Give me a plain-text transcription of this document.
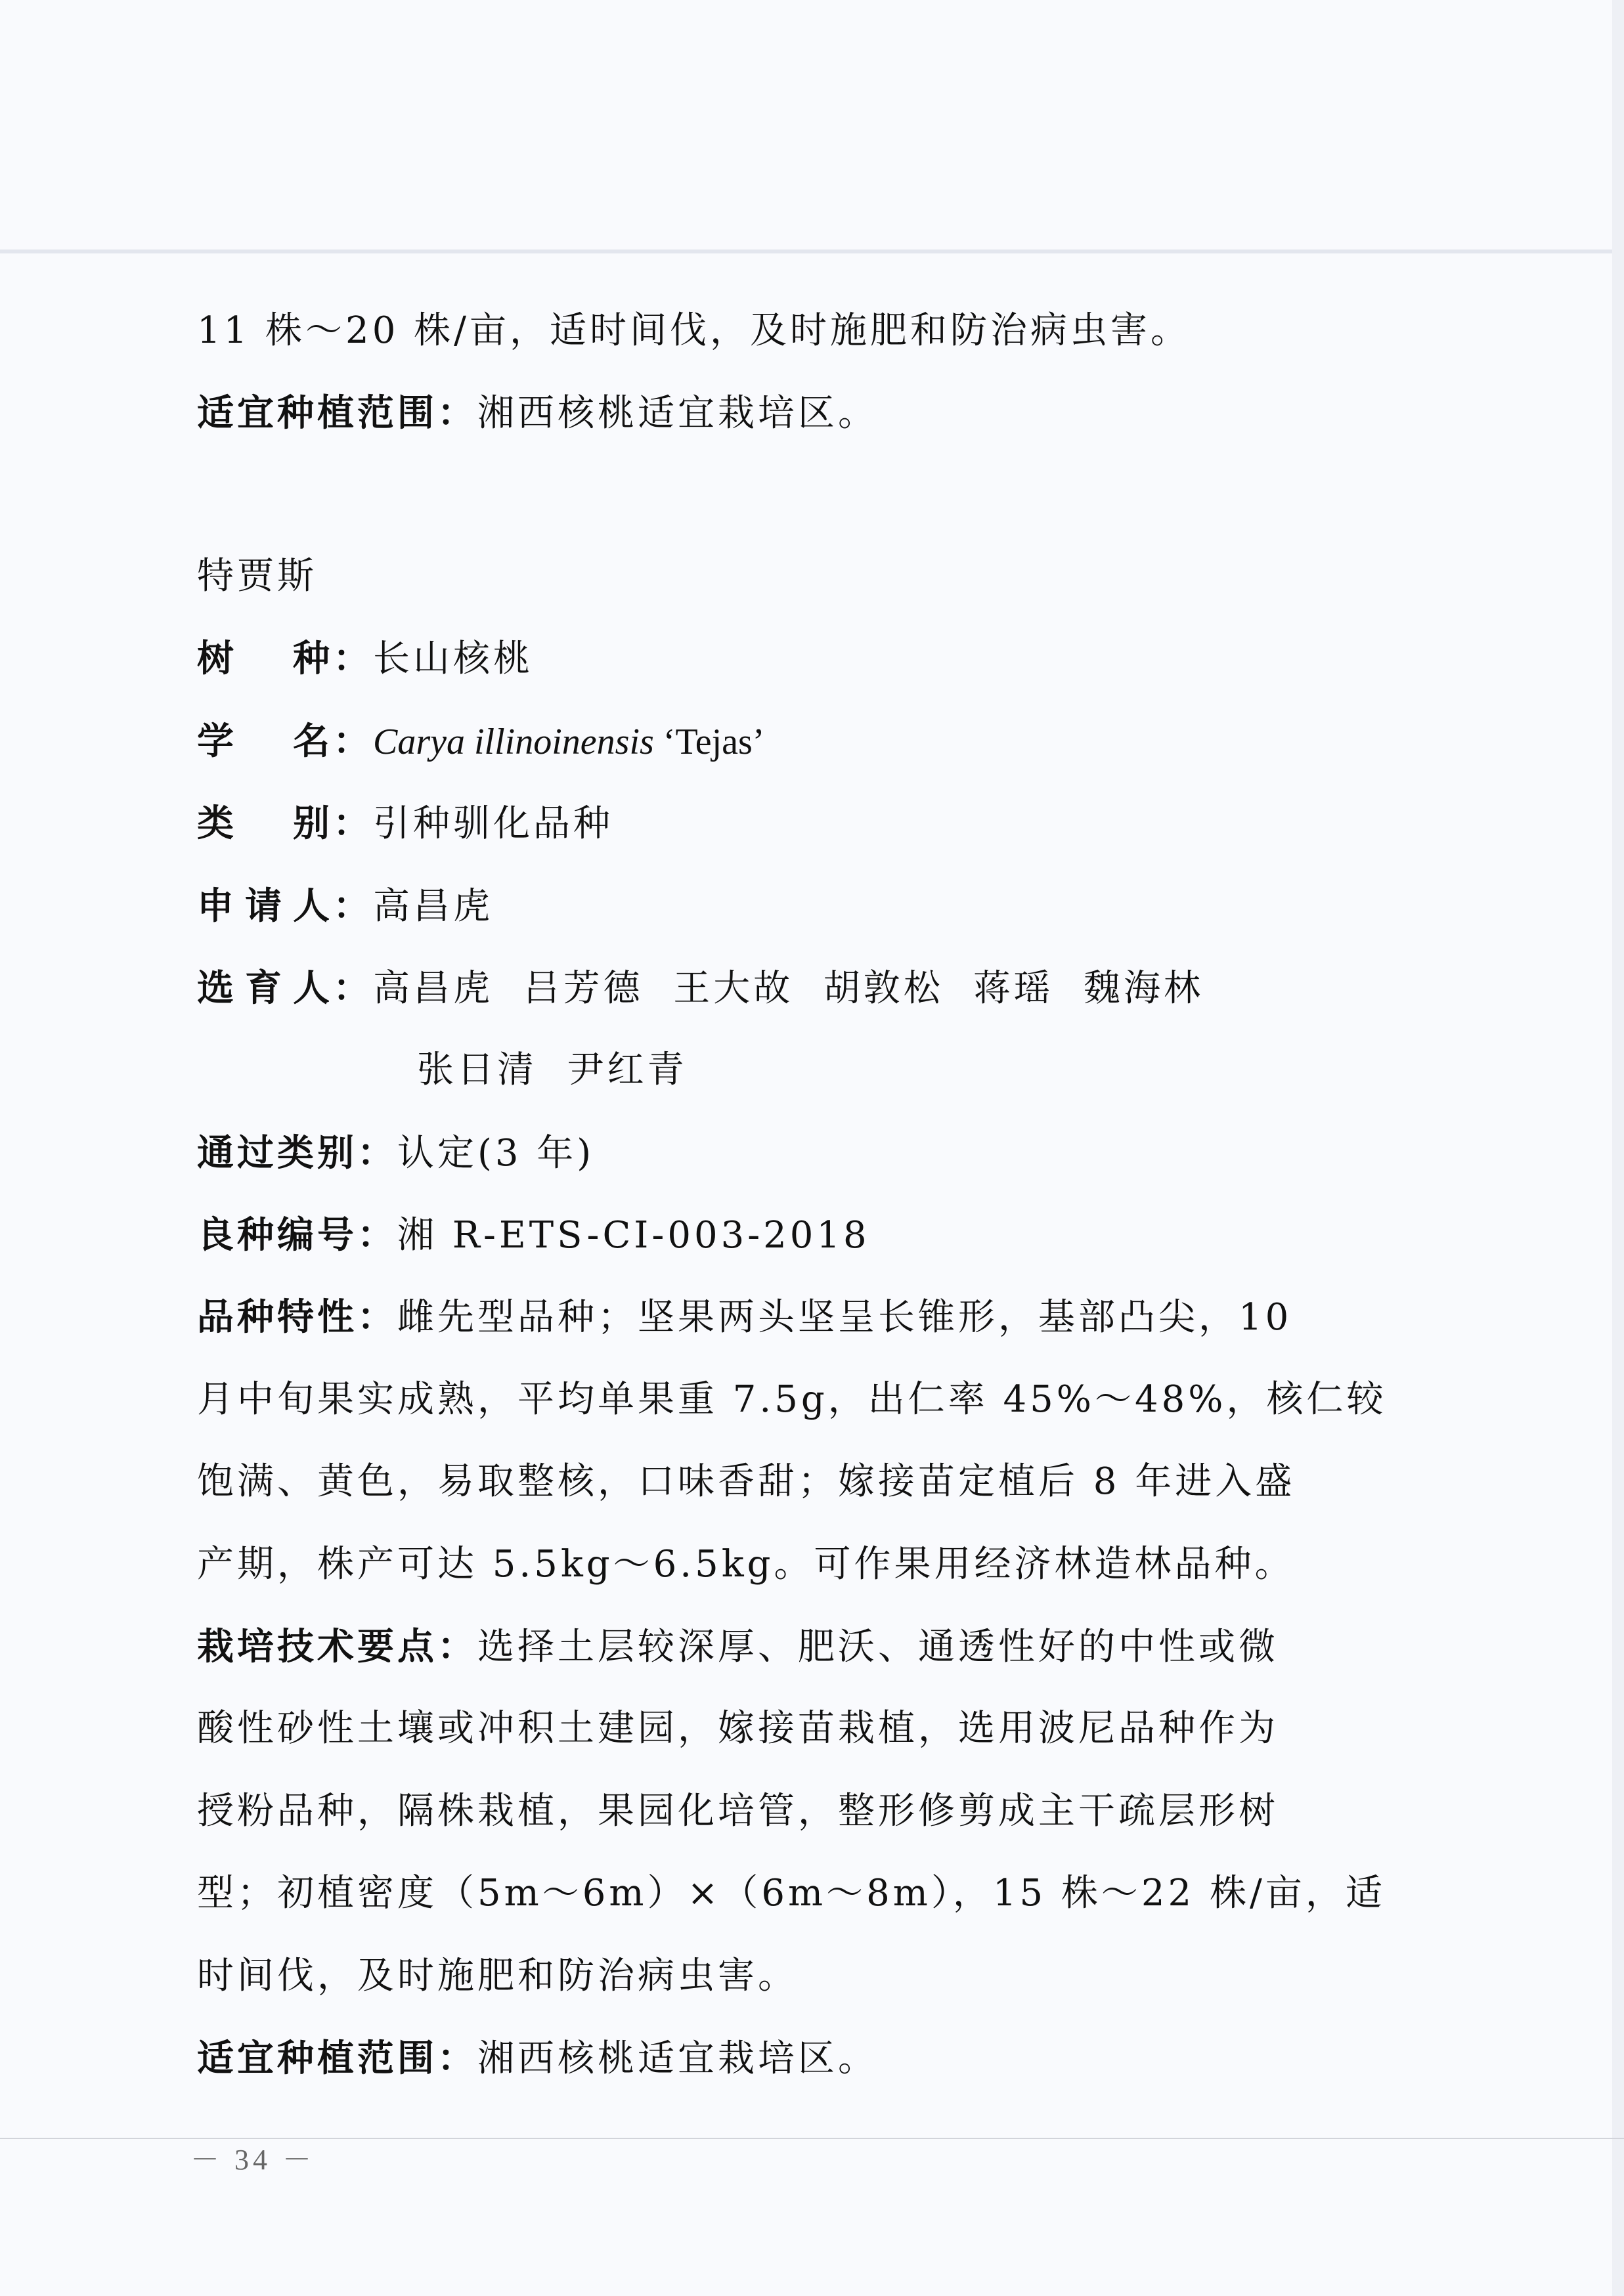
11 株～20 株/亩，适时间伐，及时施肥和防治病虫害。
适宜种植范围：湘西核桃适宜栽培区。
特贾斯
树 种： 长山核桃
学 名： Carya illinoinensis ‘Tejas’
类 别： 引种驯化品种
申 请 人： 高昌虎
选 育 人： 高昌虎  吕芳德  王大故  胡敦松  蒋瑶  魏海林
张日清  尹红青
通过类别：认定(3 年)
良种编号：湘 R-ETS-CI-003-2018
品种特性：雌先型品种；坚果两头坚呈长锥形，基部凸尖，10
月中旬果实成熟，平均单果重 7.5g，出仁率 45%～48%，核仁较
饱满、黄色，易取整核，口味香甜；嫁接苗定植后 8 年进入盛
产期，株产可达 5.5kg～6.5kg。可作果用经济林造林品种。
栽培技术要点：选择土层较深厚、肥沃、通透性好的中性或微
酸性砂性土壤或冲积土建园，嫁接苗栽植，选用波尼品种作为
授粉品种，隔株栽植，果园化培管，整形修剪成主干疏层形树
型；初植密度（5m～6m）×（6m～8m），15 株～22 株/亩，适
时间伐，及时施肥和防治病虫害。
适宜种植范围：湘西核桃适宜栽培区。
－ 34 －
